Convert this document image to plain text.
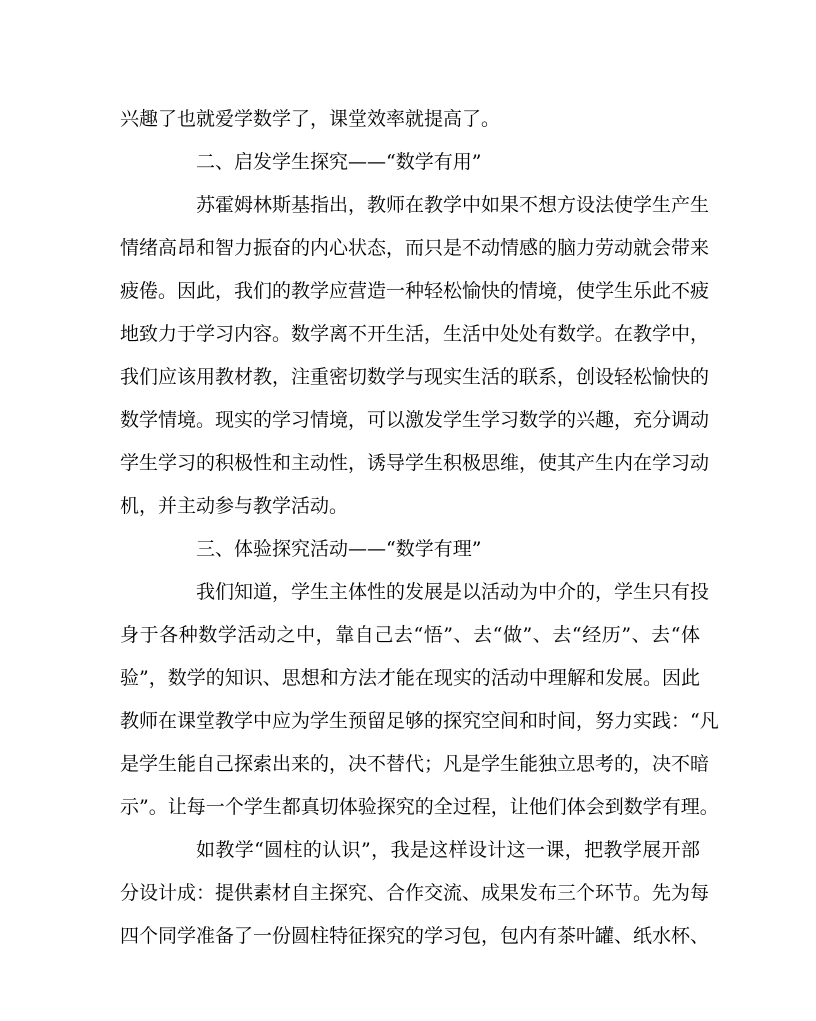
兴趣了也就爱学数学了，课堂效率就提高了。
二、启发学生探究——“数学有用”
苏霍姆林斯基指出，教师在教学中如果不想方设法使学生产生
情绪高昂和智力振奋的内心状态，而只是不动情感的脑力劳动就会带来
疲倦。因此，我们的教学应营造一种轻松愉快的情境，使学生乐此不疲
地致力于学习内容。数学离不开生活，生活中处处有数学。在教学中，
我们应该用教材教，注重密切数学与现实生活的联系，创设轻松愉快的
数学情境。现实的学习情境，可以激发学生学习数学的兴趣，充分调动
学生学习的积极性和主动性，诱导学生积极思维，使其产生内在学习动
机，并主动参与教学活动。
三、体验探究活动——“数学有理”
我们知道，学生主体性的发展是以活动为中介的，学生只有投
身于各种数学活动之中，靠自己去“悟”、去“做”、去“经历”、去“体
验”，数学的知识、思想和方法才能在现实的活动中理解和发展。因此
教师在课堂教学中应为学生预留足够的探究空间和时间，努力实践：“凡
是学生能自己探索出来的，决不替代；凡是学生能独立思考的，决不暗
示”。让每一个学生都真切体验探究的全过程，让他们体会到数学有理。
如教学“圆柱的认识”，我是这样设计这一课，把教学展开部
分设计成：提供素材自主探究、合作交流、成果发布三个环节。先为每
四个同学准备了一份圆柱特征探究的学习包，包内有茶叶罐、纸水杯、
